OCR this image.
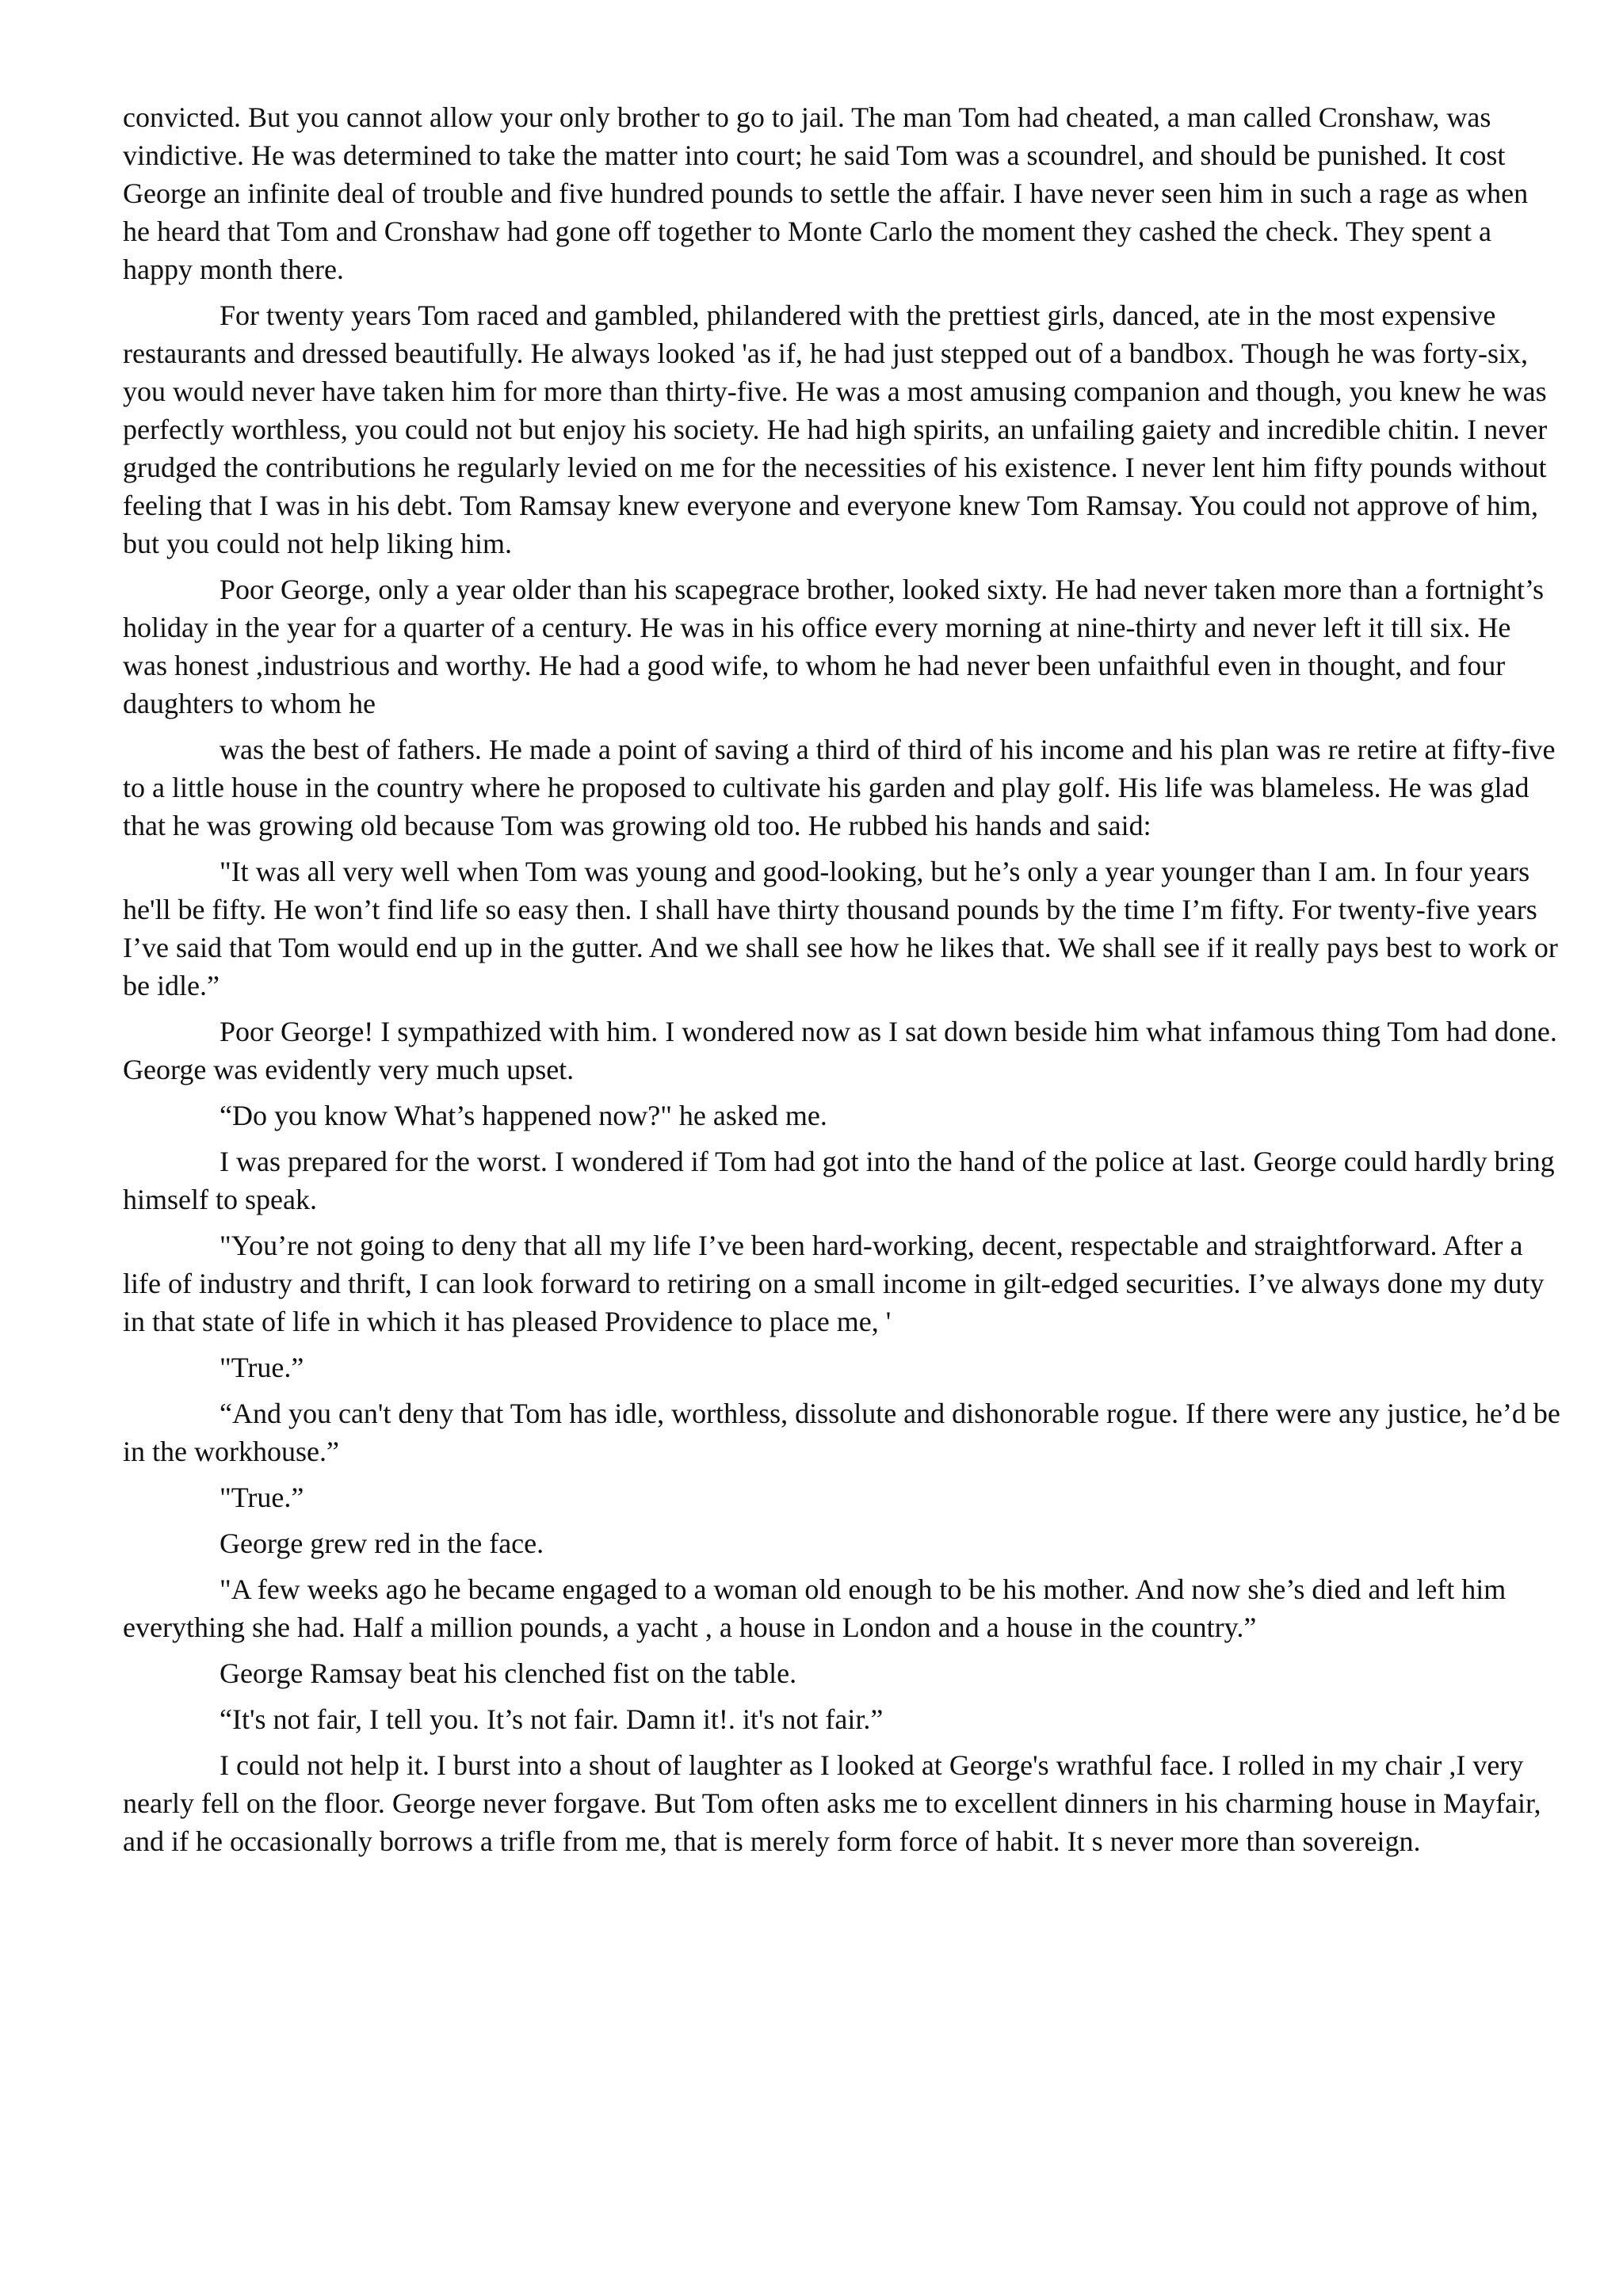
convicted. But you cannot allow your only brother to go to jail. The man Tom had cheated, a man called Cronshaw, was vindictive. He was determined to take the matter into court; he said Tom was a scoundrel, and should be punished. It cost George an infinite deal of trouble and five hundred pounds to settle the affair. I have never seen him in such a rage as when he heard that Tom and Cronshaw had gone off together to Monte Carlo the moment they cashed the check. They spent a happy month there.

For twenty years Tom raced and gambled, philandered with the prettiest girls, danced, ate in the most expensive restaurants and dressed beautifully. He always looked 'as if, he had just stepped out of a bandbox. Though he was forty-six, you would never have taken him for more than thirty-five. He was a most amusing companion and though, you knew he was perfectly worthless, you could not but enjoy his society. He had high spirits, an unfailing gaiety and incredible chitin. I never grudged the contributions he regularly levied on me for the necessities of his existence. I never lent him fifty pounds without feeling that I was in his debt. Tom Ramsay knew everyone and everyone knew Tom Ramsay. You could not approve of him, but you could not help liking him.

Poor George, only a year older than his scapegrace brother, looked sixty. He had never taken more than a fortnight’s holiday in the year for a quarter of a century. He was in his office every morning at nine-thirty and never left it till six. He was honest ,industrious and worthy. He had a good wife, to whom he had never been unfaithful even in thought, and four daughters to whom he

was the best of fathers. He made a point of saving a third of third of his income and his plan was re retire at fifty-five to a little house in the country where he proposed to cultivate his garden and play golf. His life was blameless. He was glad that he was growing old because Tom was growing old too. He rubbed his hands and said:

"It was all very well when Tom was young and good-looking, but he’s only a year younger than I am. In four years he'll be fifty. He won’t find life so easy then. I shall have thirty thousand pounds by the time I’m fifty. For twenty-five years I’ve said that Tom would end up in the gutter. And we shall see how he likes that. We shall see if it really pays best to work or be idle.”

Poor George! I sympathized with him. I wondered now as I sat down beside him what infamous thing Tom had done. George was evidently very much upset.

“Do you know What’s happened now?" he asked me.

I was prepared for the worst. I wondered if Tom had got into the hand of the police at last. George could hardly bring himself to speak.

"You’re not going to deny that all my life I’ve been hard-working, decent, respectable and straightforward. After a life of industry and thrift, I can look forward to retiring on a small income in gilt-edged securities. I’ve always done my duty in that state of life in which it has pleased Providence to place me, '

"True.”

“And you can't deny that Tom has idle, worthless, dissolute and dishonorable rogue. If there were any justice, he’d be in the workhouse.”

"True.”

George grew red in the face.

"A few weeks ago he became engaged to a woman old enough to be his mother. And now she’s died and left him everything she had. Half a million pounds, a yacht , a house in London and a house in the country.”

George Ramsay beat his clenched fist on the table.

“It's not fair, I tell you. It’s not fair. Damn it!. it's not fair.”

I could not help it. I burst into a shout of laughter as I looked at George's wrathful face. I rolled in my chair ,I very nearly fell on the floor. George never forgave. But Tom often asks me to excellent dinners in his charming house in Mayfair, and if he occasionally borrows a trifle from me, that is merely form force of habit. It s never more than sovereign.
